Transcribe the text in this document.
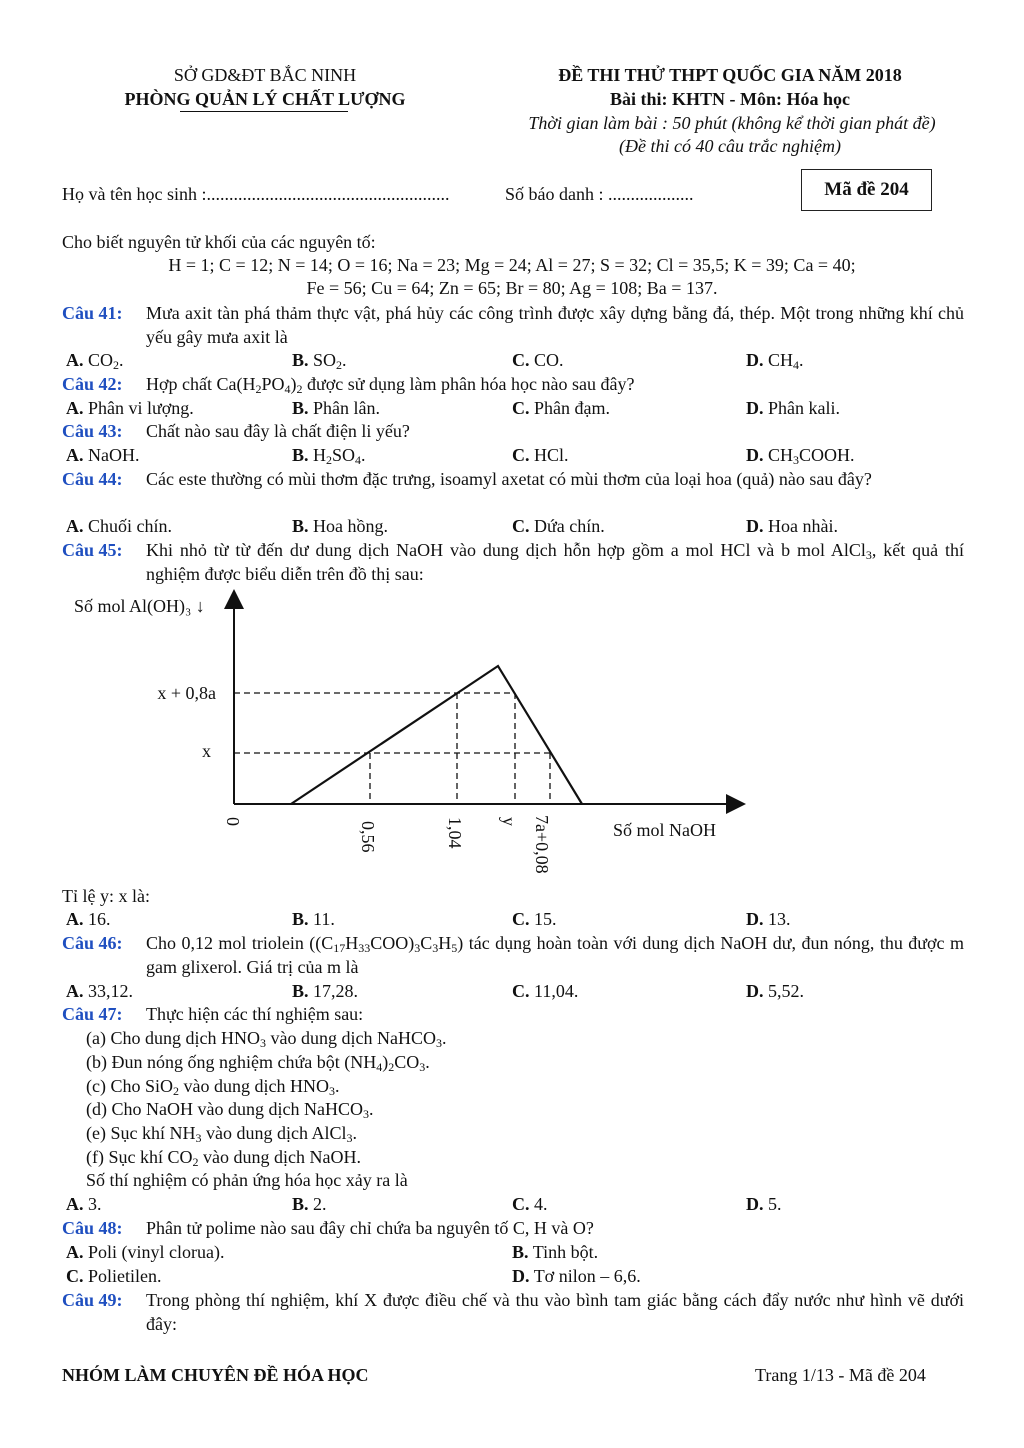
SỞ GD&ĐT BẮC NINH
PHÒNG QUẢN LÝ CHẤT LƯỢNG
ĐỀ THI THỬ THPT QUỐC GIA NĂM 2018
Bài thi: KHTN - Môn: Hóa học
Thời gian làm bài : 50 phút (không kể thời gian phát đề)
(Đề thi có 40 câu trắc nghiệm)
Họ và tên học sinh :......................................................	Số báo danh : ...................	Mã đề 204
Cho biết nguyên tử khối của các nguyên tố:
H = 1; C = 12; N = 14; O = 16; Na = 23; Mg = 24; Al = 27; S = 32; Cl = 35,5; K = 39; Ca = 40;
Fe = 56; Cu = 64; Zn = 65; Br = 80; Ag = 108; Ba = 137.
Câu 41: Mưa axit tàn phá thảm thực vật, phá hủy các công trình được xây dựng bằng đá, thép. Một trong những khí chủ yếu gây mưa axit là
A. $CO_2$.	B. $SO_2$.	C. CO.	D. $CH_4$.
Câu 42: Hợp chất $Ca(H_2PO_4)_2$ được sử dụng làm phân hóa học nào sau đây?
A. Phân vi lượng.	B. Phân lân.	C. Phân đạm.	D. Phân kali.
Câu 43: Chất nào sau đây là chất điện li yếu?
A. NaOH.	B. $H_2SO_4$.	C. HCl.	D. $CH_3COOH$.
Câu 44: Các este thường có mùi thơm đặc trưng, isoamyl axetat có mùi thơm của loại hoa (quả) nào sau đây?
A. Chuối chín.	B. Hoa hồng.	C. Dứa chín.	D. Hoa nhài.
Câu 45: Khi nhỏ từ từ đến dư dung dịch NaOH vào dung dịch hỗn hợp gồm a mol HCl và b mol AlCl$_3$, kết quả thí nghiệm được biểu diễn trên đồ thị sau:
Số mol Al(OH)₃ ↓
x + 0,8a
x
0	0,56	1,04 y 7a+0,08	Số mol NaOH
Tỉ lệ y: x là:
A. 16.	B. 11.	C. 15.	D. 13.
Câu 46: Cho 0,12 mol triolein $((C_{17}H_{33}COO)_3C_3H_5)$ tác dụng hoàn toàn với dung dịch NaOH dư, đun nóng, thu được m gam glixerol. Giá trị của m là
A. 33,12.	B. 17,28.	C. 11,04.	D. 5,52.
Câu 47: Thực hiện các thí nghiệm sau:
(a) Cho dung dịch $HNO_3$ vào dung dịch NaHCO$_3$.
(b) Đun nóng ống nghiệm chứa bột $(NH_4)_2CO_3$.
(c) Cho SiO$_2$ vào dung dịch $HNO_3$.
(d) Cho NaOH vào dung dịch NaHCO$_3$.
(e) Sục khí $NH_3$ vào dung dịch AlCl$_3$.
(f) Sục khí $CO_2$ vào dung dịch NaOH.
Số thí nghiệm có phản ứng hóa học xảy ra là
A. 3.	B. 2.	C. 4.	D. 5.
Câu 48: Phân tử polime nào sau đây chỉ chứa ba nguyên tố C, H và O?
A. Poli (vinyl clorua).	B. Tinh bột.
C. Polietilen.	D. Tơ nilon – 6,6.
Câu 49: Trong phòng thí nghiệm, khí X được điều chế và thu vào bình tam giác bằng cách đẩy nước như hình vẽ dưới đây:
NHÓM LÀM CHUYÊN ĐỀ HÓA HỌC	Trang 1/13 - Mã đề 204
